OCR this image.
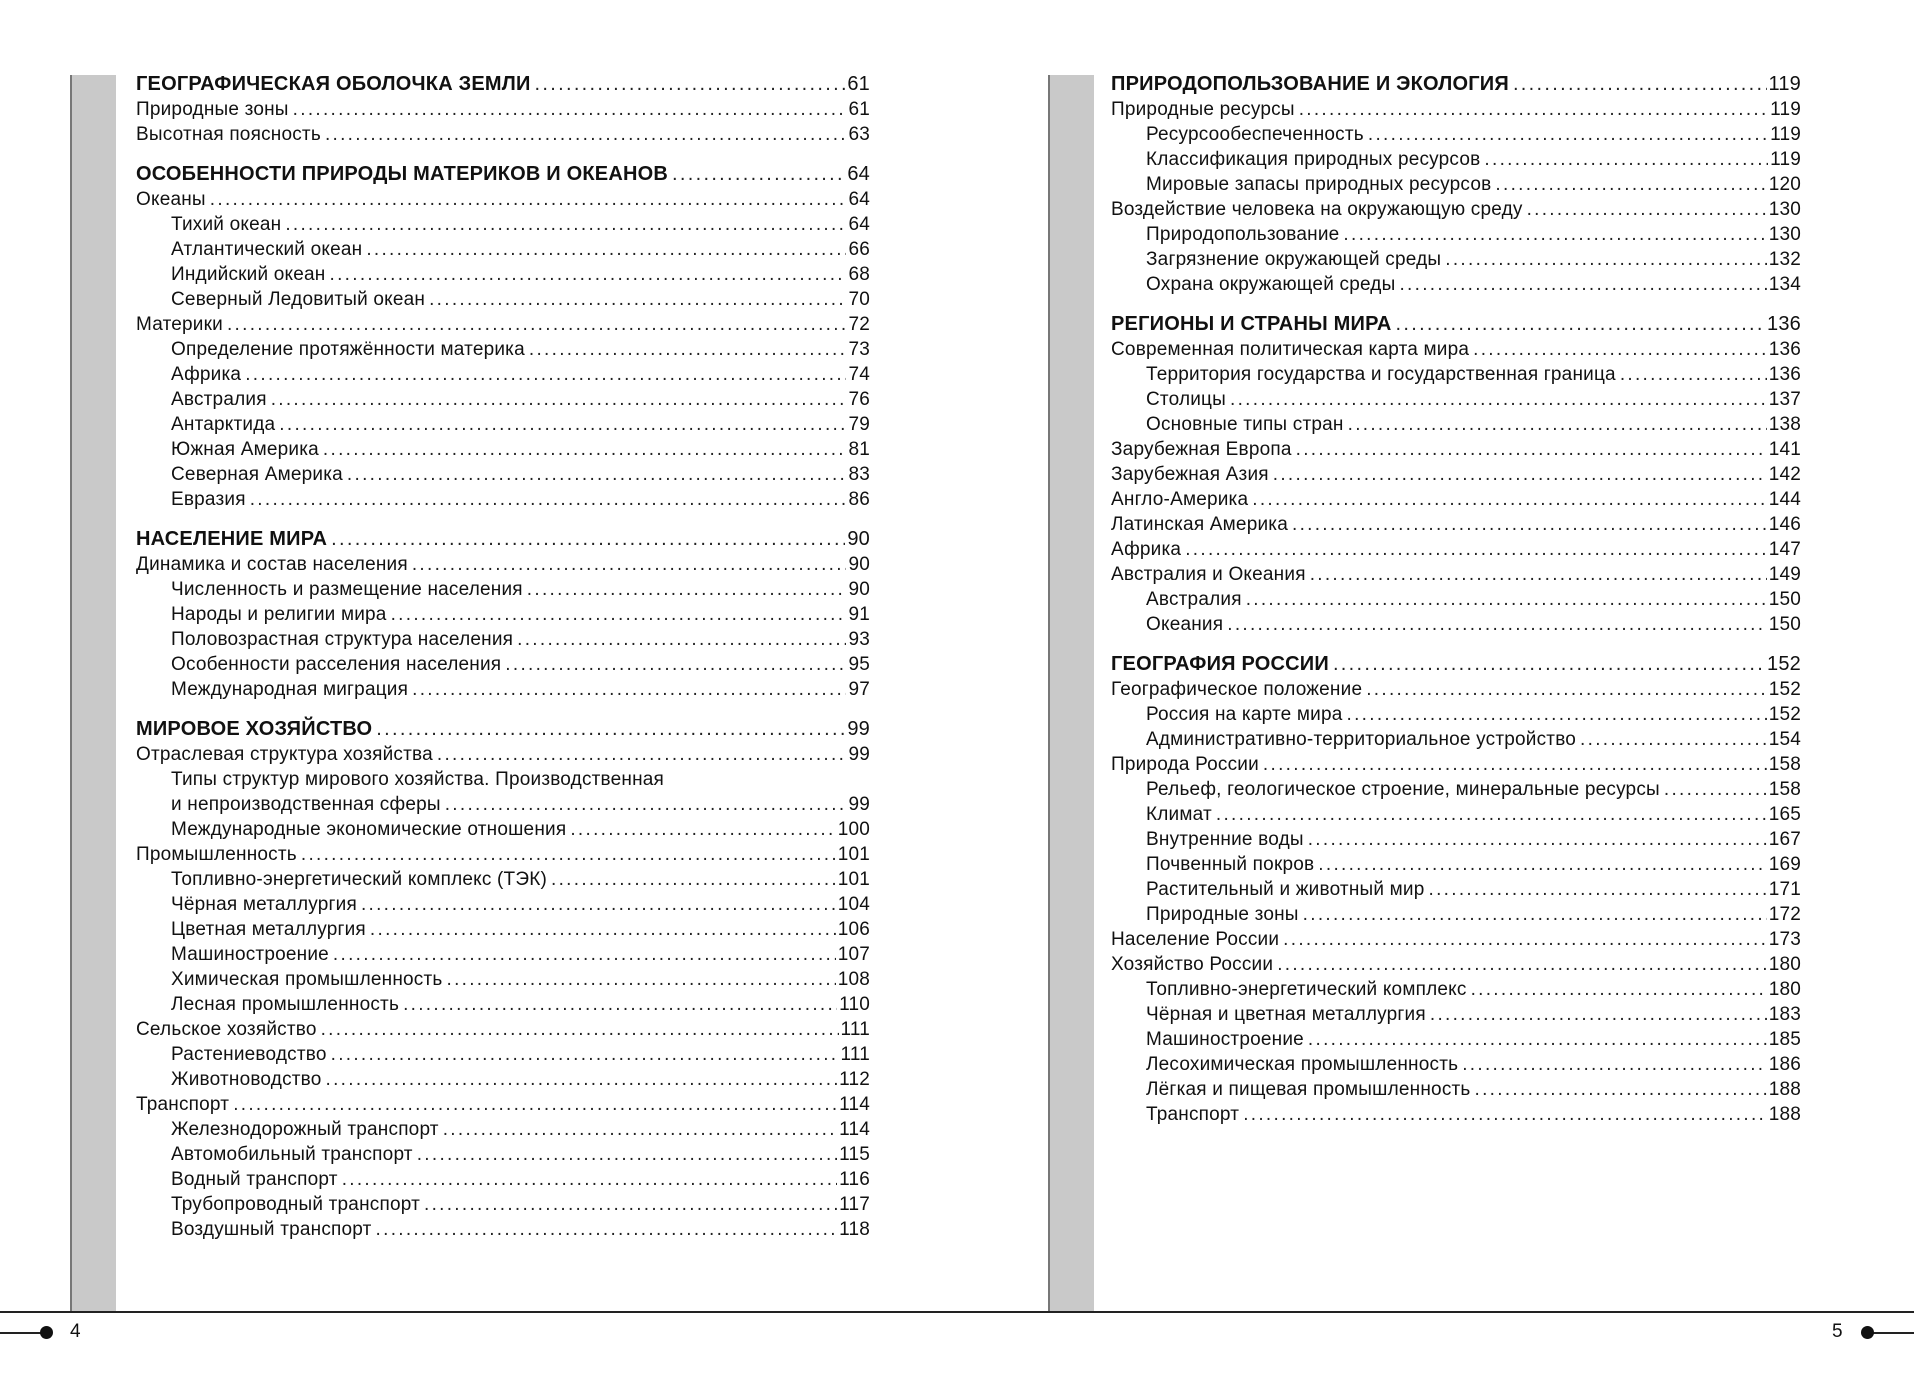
ГЕОГРАФИЧЕСКАЯ ОБОЛОЧКА ЗЕМЛИ .....	61
Природные зоны .....	61
Высотная поясность .....	63
ОСОБЕННОСТИ ПРИРОДЫ МАТЕРИКОВ И ОКЕАНОВ .....	64
Океаны .....	64
Тихий океан .....	64
Атлантический океан .....	66
Индийский океан .....	68
Северный Ледовитый океан .....	70
Материки .....	72
Определение протяжённости материка .....	73
Африка .....	74
Австралия .....	76
Антарктида .....	79
Южная Америка .....	81
Северная Америка .....	83
Евразия .....	86
НАСЕЛЕНИЕ МИРА .....	90
Динамика и состав населения .....	90
Численность и размещение населения .....	90
Народы и религии мира .....	91
Половозрастная структура населения .....	93
Особенности расселения населения .....	95
Международная миграция .....	97
МИРОВОЕ ХОЗЯЙСТВО .....	99
Отраслевая структура хозяйства .....	99
Типы структур мирового хозяйства. Производственная
и непроизводственная сферы .....	99
Международные экономические отношения .....	100
Промышленность .....	101
Топливно-энергетический комплекс (ТЭК) .....	101
Чёрная металлургия .....	104
Цветная металлургия .....	106
Машиностроение .....	107
Химическая промышленность .....	108
Лесная промышленность .....	110
Сельское хозяйство .....	111
Растениеводство .....	111
Животноводство .....	112
Транспорт .....	114
Железнодорожный транспорт .....	114
Автомобильный транспорт .....	115
Водный транспорт .....	116
Трубопроводный транспорт .....	117
Воздушный транспорт .....	118
4
ПРИРОДОПОЛЬЗОВАНИЕ И ЭКОЛОГИЯ .....	119
Природные ресурсы .....	119
Ресурсообеспеченность .....	119
Классификация природных ресурсов .....	119
Мировые запасы природных ресурсов .....	120
Воздействие человека на окружающую среду .....	130
Природопользование .....	130
Загрязнение окружающей среды .....	132
Охрана окружающей среды .....	134
РЕГИОНЫ И СТРАНЫ МИРА .....	136
Современная политическая карта мира .....	136
Территория государства и государственная граница .....	136
Столицы .....	137
Основные типы стран .....	138
Зарубежная Европа .....	141
Зарубежная Азия .....	142
Англо-Америка .....	144
Латинская Америка .....	146
Африка .....	147
Австралия и Океания .....	149
Австралия .....	150
Океания .....	150
ГЕОГРАФИЯ РОССИИ .....	152
Географическое положение .....	152
Россия на карте мира .....	152
Административно-территориальное устройство .....	154
Природа России .....	158
Рельеф, геологическое строение, минеральные ресурсы .....	158
Климат .....	165
Внутренние воды .....	167
Почвенный покров .....	169
Растительный и животный мир .....	171
Природные зоны .....	172
Население России .....	173
Хозяйство России .....	180
Топливно-энергетический комплекс .....	180
Чёрная и цветная металлургия .....	183
Машиностроение .....	185
Лесохимическая промышленность .....	186
Лёгкая и пищевая промышленность .....	188
Транспорт .....	188
5
